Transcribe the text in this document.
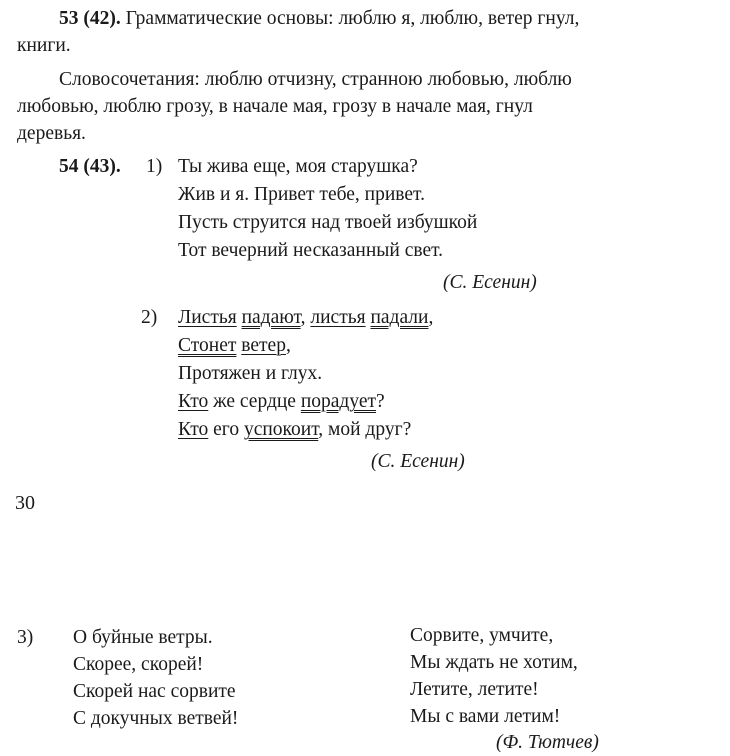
53 (42). Грамматические основы: люблю я, люблю, ветер гнул,
книги.
Словосочетания: люблю отчизну, страннoю любовью, люблю
любовью, люблю грозу, в начале мая, грозу в начале мая, гнул
деревья.
54 (43). 1) Ты жива еще, моя старушка?
Жив и я. Привет тебе, привет.
Пусть струится над твоей избушкой
Тот вечерний несказанный свет.
(С. Есенин)
2) Листья падают, листья падали,
Стонет ветер,
Протяжен и глух.
Кто же сердце порадует?
Кто его успокоит, мой друг?
(С. Есенин)
30
3) О буйные ветры.
Скорее, скорей!
Скорей нас сорвите
С докучных ветвей!
Сорвите, умчите,
Мы ждать не хотим,
Летите, летите!
Мы с вами летим!
(Ф. Тютчев)
